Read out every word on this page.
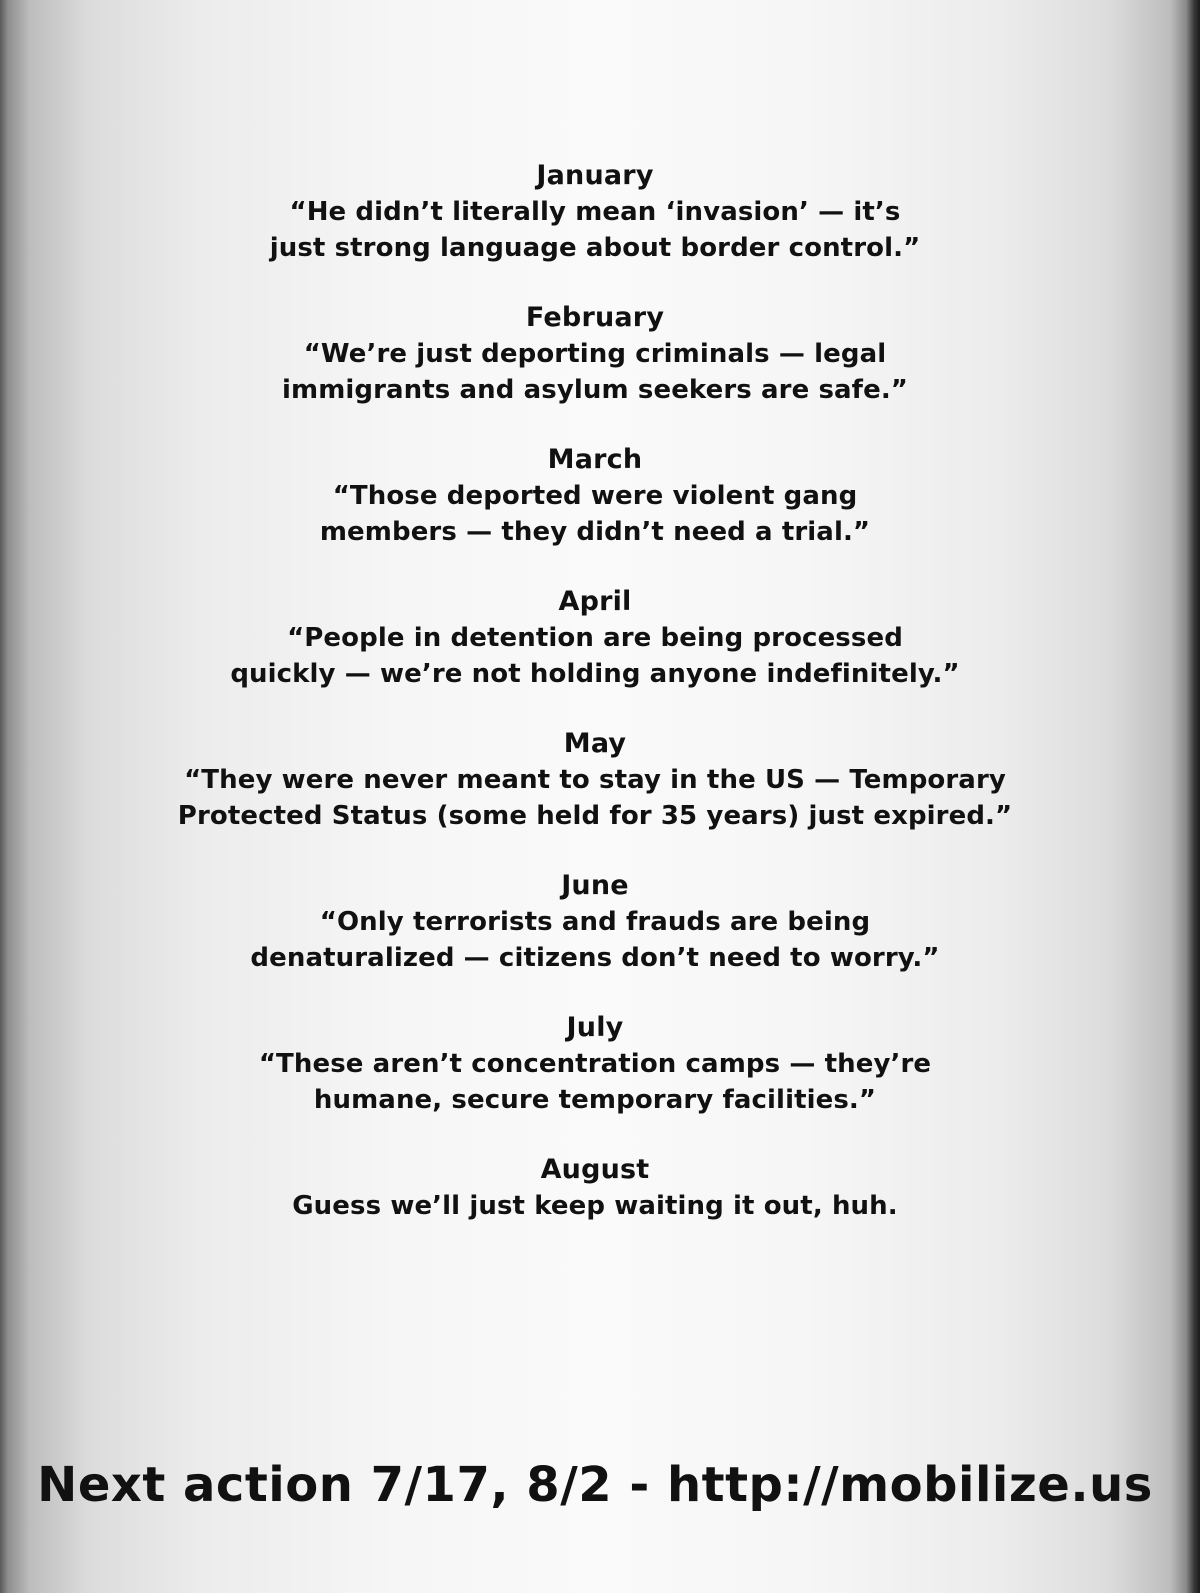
January
“He didn’t literally mean ‘invasion’ — it’s
just strong language about border control.”
February
“We’re just deporting criminals — legal
immigrants and asylum seekers are safe.”
March
“Those deported were violent gang
members — they didn’t need a trial.”
April
“People in detention are being processed
quickly — we’re not holding anyone indefinitely.”
May
“They were never meant to stay in the US — Temporary
Protected Status (some held for 35 years) just expired.”
June
“Only terrorists and frauds are being
denaturalized — citizens don’t need to worry.”
July
“These aren’t concentration camps — they’re
humane, secure temporary facilities.”
August
Guess we’ll just keep waiting it out, huh.
Next action 7/17, 8/2 - http://mobilize.us
